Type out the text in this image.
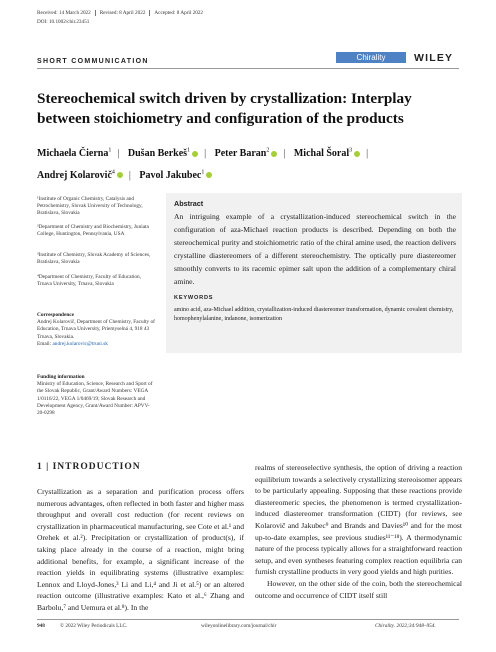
Received: 14 March 2022 Revised: 8 April 2022 Accepted: 8 April 2022
DOI: 10.1002/chir.23451
SHORT COMMUNICATION	Chirality	WILEY
Stereochemical switch driven by crystallization: Interplay between stoichiometry and configuration of the products
Michaela Čierna$^1$ | Dušan Berkeš$^1$ | Peter Baran$^2$ | Michal Šoral$^3$ |
Andrej Kolarovič$^4$ | Pavol Jakubec$^1$
¹Institute of Organic Chemistry, Catalysis and Petrochemistry, Slovak University of Technology, Bratislava, Slovakia
²Department of Chemistry and Biochemistry, Juniata College, Huntington, Pennsylvania, USA
³Institute of Chemistry, Slovak Academy of Sciences, Bratislava, Slovakia
⁴Department of Chemistry, Faculty of Education, Trnava University, Trnava, Slovakia
Correspondence
Andrej Kolarovič, Department of Chemistry, Faculty of Education, Trnava University, Priemyselná 4, 918 43 Trnava, Slovakia.
Email: andrej.kolarovic@truni.sk
Funding information
Ministry of Education, Science, Research and Sport of the Slovak Republic, Grant/Award Numbers: VEGA 1/0116/22, VEGA 1/0469/19; Slovak Research and Development Agency, Grant/Award Number: APVV-20-0298
Abstract
An intriguing example of a crystallization-induced stereochemical switch in the configuration of aza-Michael reaction products is described. Depending on both the stereochemical purity and stoichiometric ratio of the chiral amine used, the reaction delivers crystalline diastereomers of a different stereochemistry. The optically pure diastereomer smoothly converts to its racemic epimer salt upon the addition of a complementary chiral amine.
KEYWORDS
amino acid, aza-Michael addition, crystallization-induced diastereomer transformation, dynamic covalent chemistry, homophenylalanine, indanone, isomerization
1 | INTRODUCTION
Crystallization as a separation and purification process offers numerous advantages, often reflected in both faster and higher mass throughput and overall cost reduction (for recent reviews on crystallization in pharmaceutical manufacturing, see Cote et al.¹ and Orehek et al.²). Precipitation or crystallization of product(s), if taking place already in the course of a reaction, might bring additional benefits, for example, a significant increase of the reaction yields in equilibrating systems (illustrative examples: Lennox and Lloyd-Jones,³ Li and Li,⁴ and Ji et al.⁵) or an altered reaction outcome (illustrative examples: Kato et al.,⁶ Zhang and Barbolu,⁷ and Uemura et al.⁸). In the
realms of stereoselective synthesis, the option of driving a reaction equilibrium towards a selectively crystallizing stereoisomer appears to be particularly appealing. Supposing that these reactions provide diastereomeric species, the phenomenon is termed crystallization-induced diastereomer transformation (CIDT) (for reviews, see Kolarovič and Jakubec⁹ and Brands and Davies¹⁰ and for the most up-to-date examples, see previous studies¹¹⁻¹⁸). A thermodynamic nature of the process typically allows for a straightforward reaction setup, and even syntheses featuring complex reaction equilibria can furnish crystalline products in very good yields and high purities.
However, on the other side of the coin, both the stereochemical outcome and occurrence of CIDT itself still
948	© 2022 Wiley Periodicals LLC.	wileyonlinelibrary.com/journal/chir	Chirality. 2022;34:948–954.
